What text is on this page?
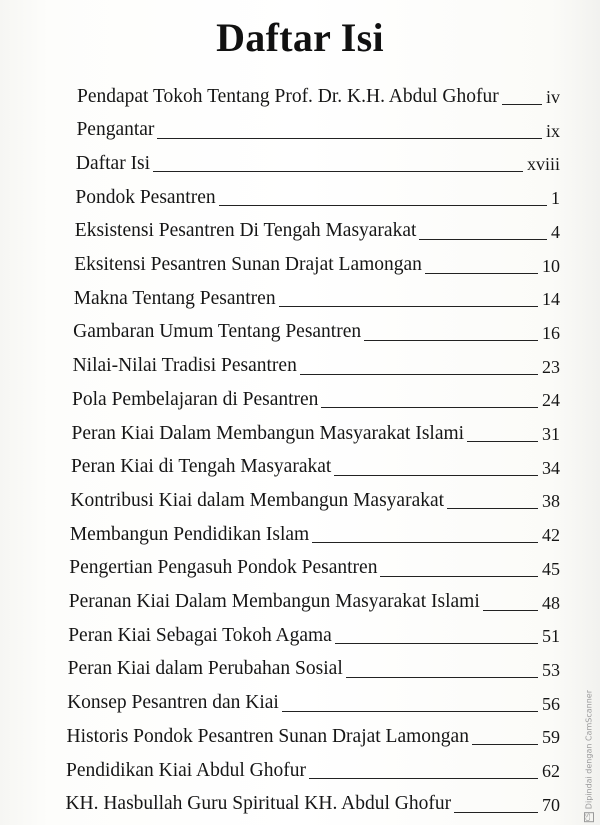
Daftar Isi
Pendapat Tokoh Tentang Prof. Dr. K.H. Abdul Ghofur	iv
Pengantar	ix
Daftar Isi	xviii
Pondok Pesantren	1
Eksistensi Pesantren Di Tengah Masyarakat	4
Eksitensi Pesantren Sunan Drajat Lamongan	10
Makna Tentang Pesantren	14
Gambaran Umum Tentang Pesantren	16
Nilai-Nilai Tradisi Pesantren	23
Pola Pembelajaran di Pesantren	24
Peran Kiai Dalam Membangun Masyarakat Islami	31
Peran Kiai di Tengah Masyarakat	34
Kontribusi Kiai dalam Membangun Masyarakat	38
Membangun Pendidikan Islam	42
Pengertian Pengasuh Pondok Pesantren	45
Peranan Kiai Dalam Membangun Masyarakat Islami	48
Peran Kiai Sebagai Tokoh Agama	51
Peran Kiai dalam Perubahan Sosial	53
Konsep Pesantren dan Kiai	56
Historis Pondok Pesantren Sunan Drajat Lamongan	59
Pendidikan Kiai Abdul Ghofur	62
KH. Hasbullah Guru Spiritual KH. Abdul Ghofur	70
CS
Dipindai dengan CamScanner
